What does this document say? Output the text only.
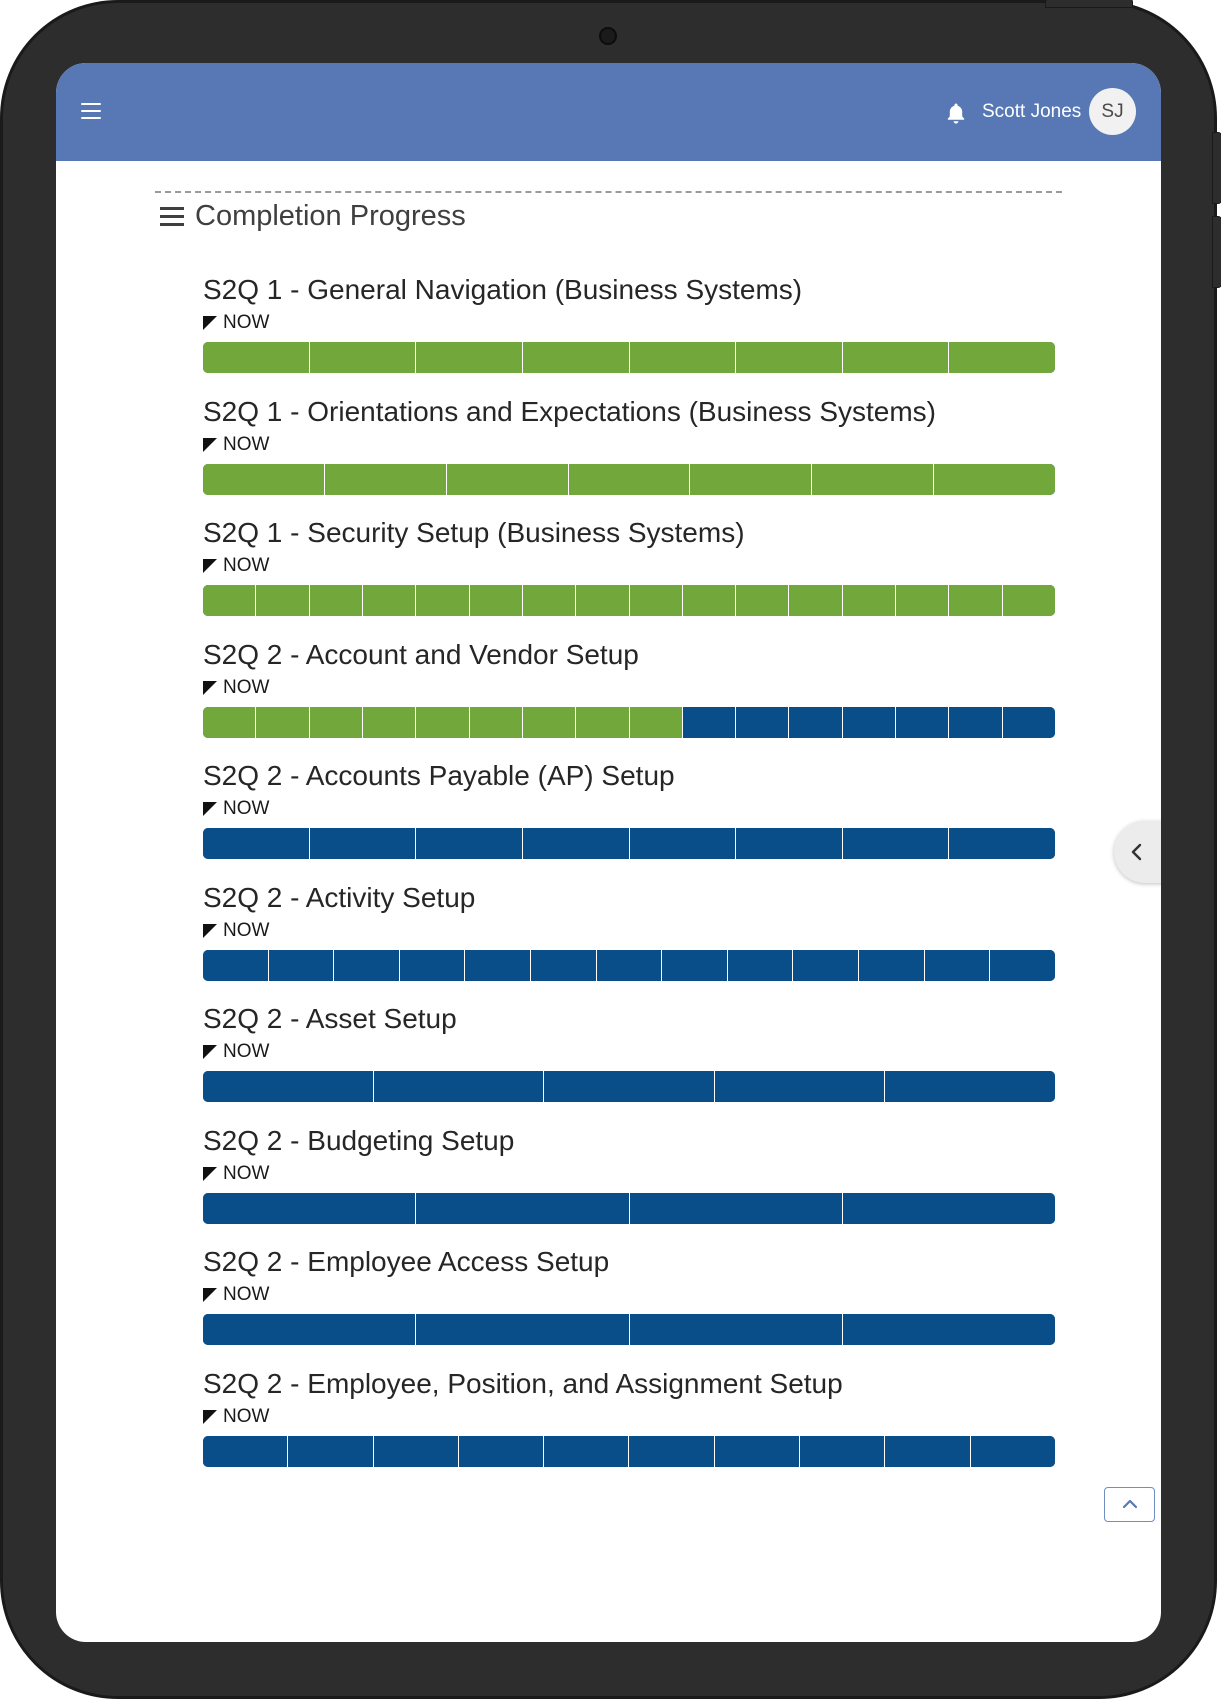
Scott Jones	SJ
Completion Progress
S2Q 1 - General Navigation (Business Systems)
NOW
S2Q 1 - Orientations and Expectations (Business Systems)
NOW
S2Q 1 - Security Setup (Business Systems)
NOW
S2Q 2 - Account and Vendor Setup
NOW
S2Q 2 - Accounts Payable (AP) Setup
NOW
S2Q 2 - Activity Setup
NOW
S2Q 2 - Asset Setup
NOW
S2Q 2 - Budgeting Setup
NOW
S2Q 2 - Employee Access Setup
NOW
S2Q 2 - Employee, Position, and Assignment Setup
NOW
